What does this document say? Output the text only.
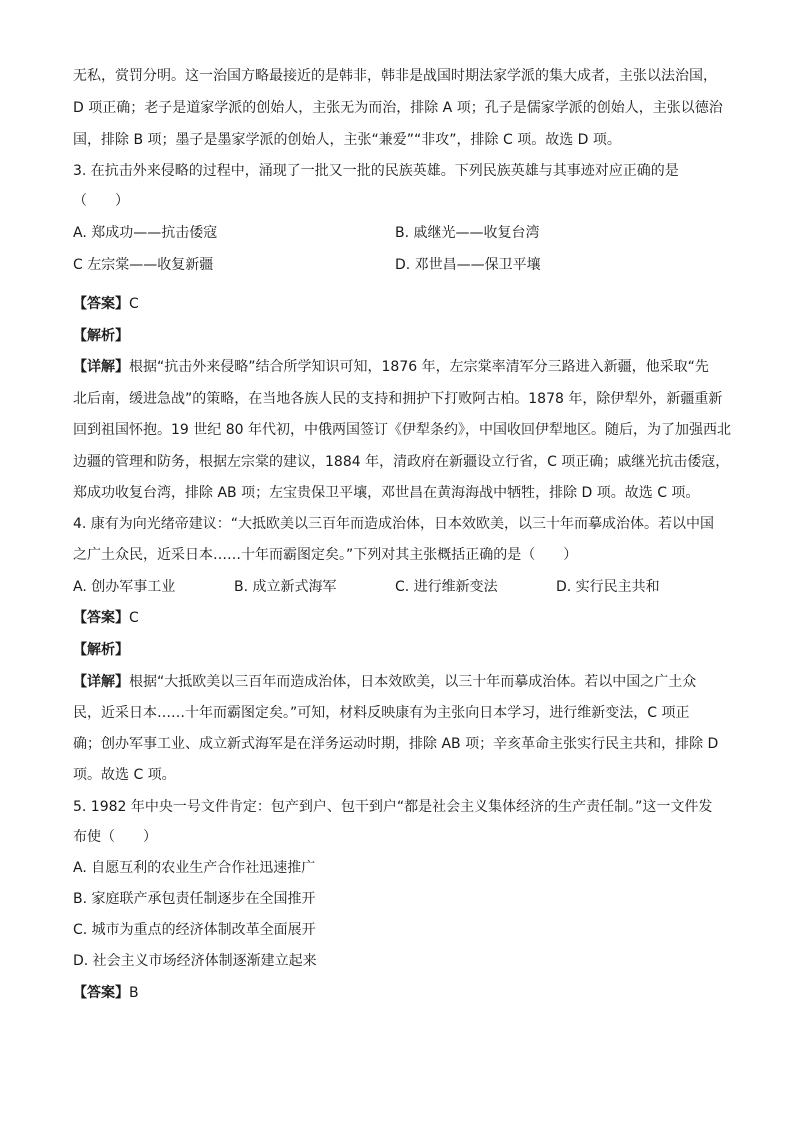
无私，赏罚分明。这一治国方略最接近的是韩非，韩非是战国时期法家学派的集大成者，主张以法治国，
D 项正确；老子是道家学派的创始人，主张无为而治，排除 A 项；孔子是儒家学派的创始人，主张以德治
国，排除 B 项；墨子是墨家学派的创始人，主张“兼爱”“非攻”，排除 C 项。故选 D 项。
3. 在抗击外来侵略的过程中，涌现了一批又一批的民族英雄。下列民族英雄与其事迹对应正确的是
（　　）
A. 郑成功——抗击倭寇	B. 戚继光——收复台湾
C 左宗棠——收复新疆	D. 邓世昌——保卫平壤
【答案】C
【解析】
【详解】根据“抗击外来侵略”结合所学知识可知，1876 年，左宗棠率清军分三路进入新疆，他采取“先
北后南，缓进急战”的策略，在当地各族人民的支持和拥护下打败阿古柏。1878 年，除伊犁外，新疆重新
回到祖国怀抱。19 世纪 80 年代初，中俄两国签订《伊犁条约》，中国收回伊犁地区。随后，为了加强西北
边疆的管理和防务，根据左宗棠的建议，1884 年，清政府在新疆设立行省，C 项正确；戚继光抗击倭寇，
郑成功收复台湾，排除 AB 项；左宝贵保卫平壤，邓世昌在黄海海战中牺牲，排除 D 项。故选 C 项。
4. 康有为向光绪帝建议：“大抵欧美以三百年而造成治体，日本效欧美，以三十年而摹成治体。若以中国
之广土众民，近采日本……十年而霸图定矣。”下列对其主张概括正确的是（　　）
A. 创办军事工业	B. 成立新式海军	C. 进行维新变法	D. 实行民主共和
【答案】C
【解析】
【详解】根据“大抵欧美以三百年而造成治体，日本效欧美，以三十年而摹成治体。若以中国之广土众
民，近采日本……十年而霸图定矣。”可知，材料反映康有为主张向日本学习，进行维新变法，C 项正
确；创办军事工业、成立新式海军是在洋务运动时期，排除 AB 项；辛亥革命主张实行民主共和，排除 D
项。故选 C 项。
5. 1982 年中央一号文件肯定：包产到户、包干到户“都是社会主义集体经济的生产责任制。”这一文件发
布使（　　）
A. 自愿互利的农业生产合作社迅速推广
B. 家庭联产承包责任制逐步在全国推开
C. 城市为重点的经济体制改革全面展开
D. 社会主义市场经济体制逐渐建立起来
【答案】B
